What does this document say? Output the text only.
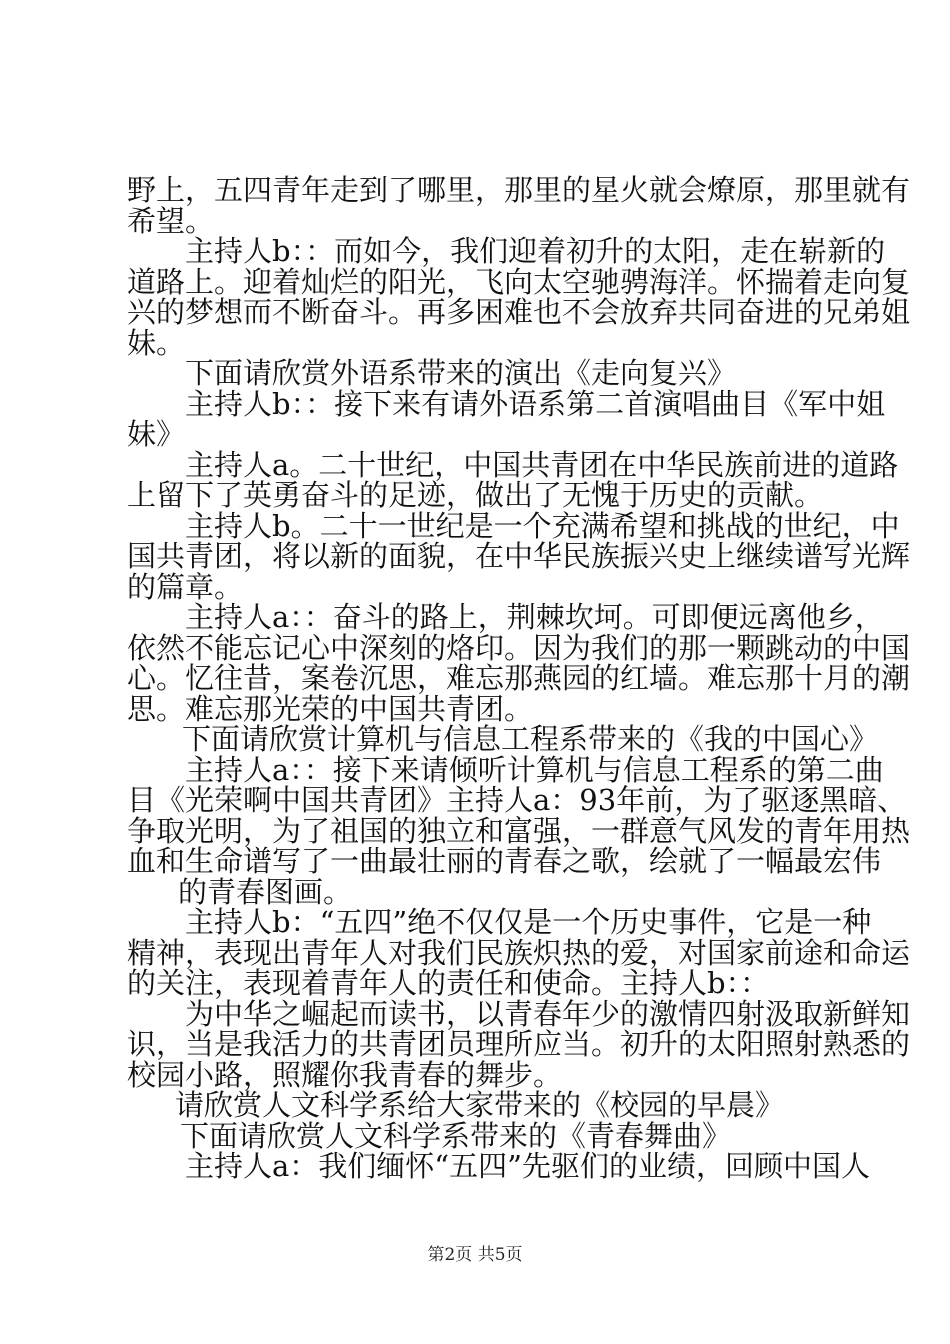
野上，五四青年走到了哪里，那里的星火就会燎原，那里就有
希望。
主持人b：：而如今，我们迎着初升的太阳，走在崭新的
道路上。迎着灿烂的阳光，飞向太空驰骋海洋。怀揣着走向复
兴的梦想而不断奋斗。再多困难也不会放弃共同奋进的兄弟姐
妹。
下面请欣赏外语系带来的演出《走向复兴》
主持人b：：接下来有请外语系第二首演唱曲目《军中姐
妹》
主持人a。二十世纪，中国共青团在中华民族前进的道路
上留下了英勇奋斗的足迹，做出了无愧于历史的贡献。
主持人b。二十一世纪是一个充满希望和挑战的世纪，中
国共青团，将以新的面貌，在中华民族振兴史上继续谱写光辉
的篇章。
主持人a：：奋斗的路上，荆棘坎坷。可即便远离他乡，
依然不能忘记心中深刻的烙印。因为我们的那一颗跳动的中国
心。忆往昔，案卷沉思，难忘那燕园的红墙。难忘那十月的潮
思。难忘那光荣的中国共青团。
下面请欣赏计算机与信息工程系带来的《我的中国心》
主持人a：：接下来请倾听计算机与信息工程系的第二曲
目《光荣啊中国共青团》主持人a：93年前，为了驱逐黑暗、
争取光明，为了祖国的独立和富强，一群意气风发的青年用热
血和生命谱写了一曲最壮丽的青春之歌，绘就了一幅最宏伟
的青春图画。
主持人b：“五四”绝不仅仅是一个历史事件，它是一种
精神，表现出青年人对我们民族炽热的爱，对国家前途和命运
的关注，表现着青年人的责任和使命。主持人b：：
为中华之崛起而读书，以青春年少的激情四射汲取新鲜知
识，当是我活力的共青团员理所应当。初升的太阳照射熟悉的
校园小路，照耀你我青春的舞步。
请欣赏人文科学系给大家带来的《校园的早晨》
下面请欣赏人文科学系带来的《青春舞曲》
主持人a：我们缅怀“五四”先驱们的业绩，回顾中国人
第2页 共5页
